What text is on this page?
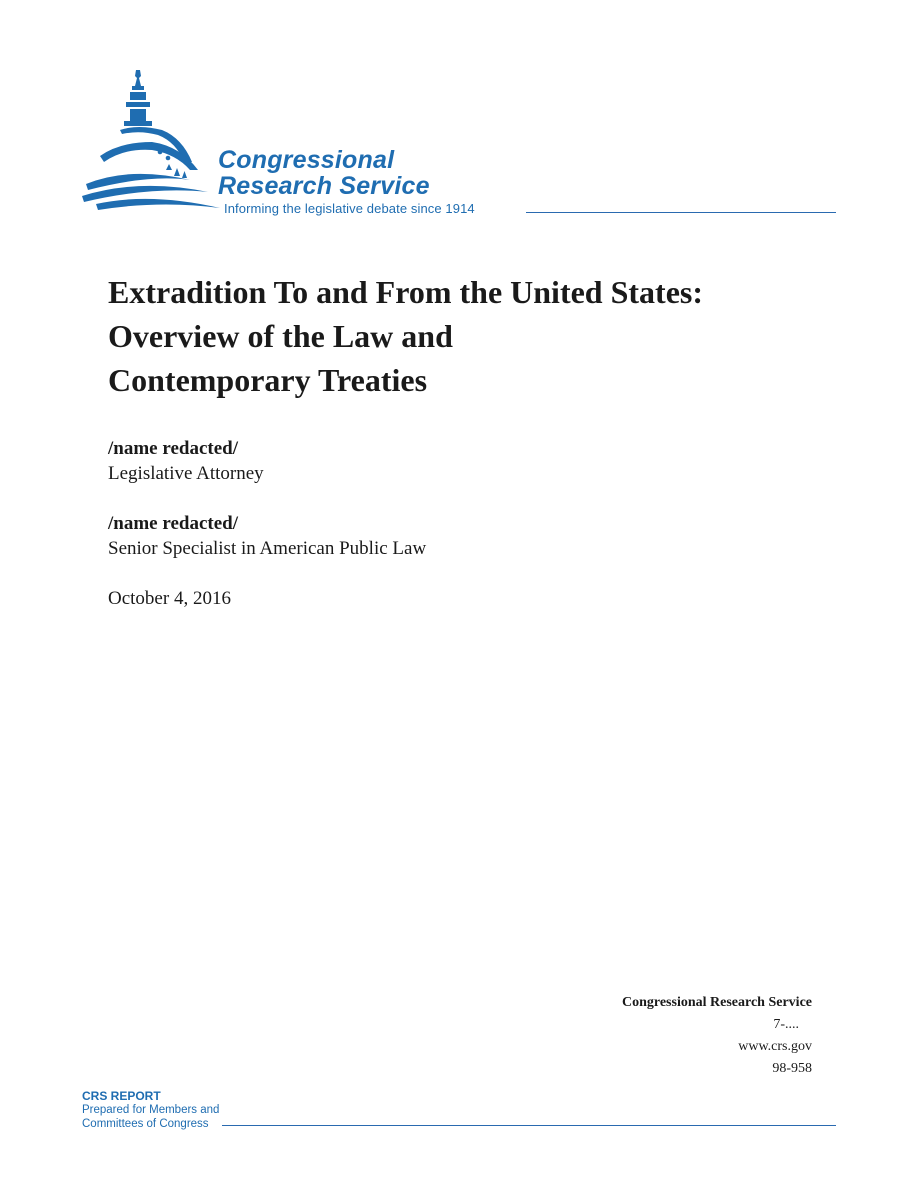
Congressional
Research Service
Informing the legislative debate since 1914
Extradition To and From the United States:
Overview of the Law and
Contemporary Treaties
/name redacted/
Legislative Attorney
/name redacted/
Senior Specialist in American Public Law
October 4, 2016
Congressional Research Service
7-....
www.crs.gov
98-958
CRS REPORT
Prepared for Members and
Committees of Congress
